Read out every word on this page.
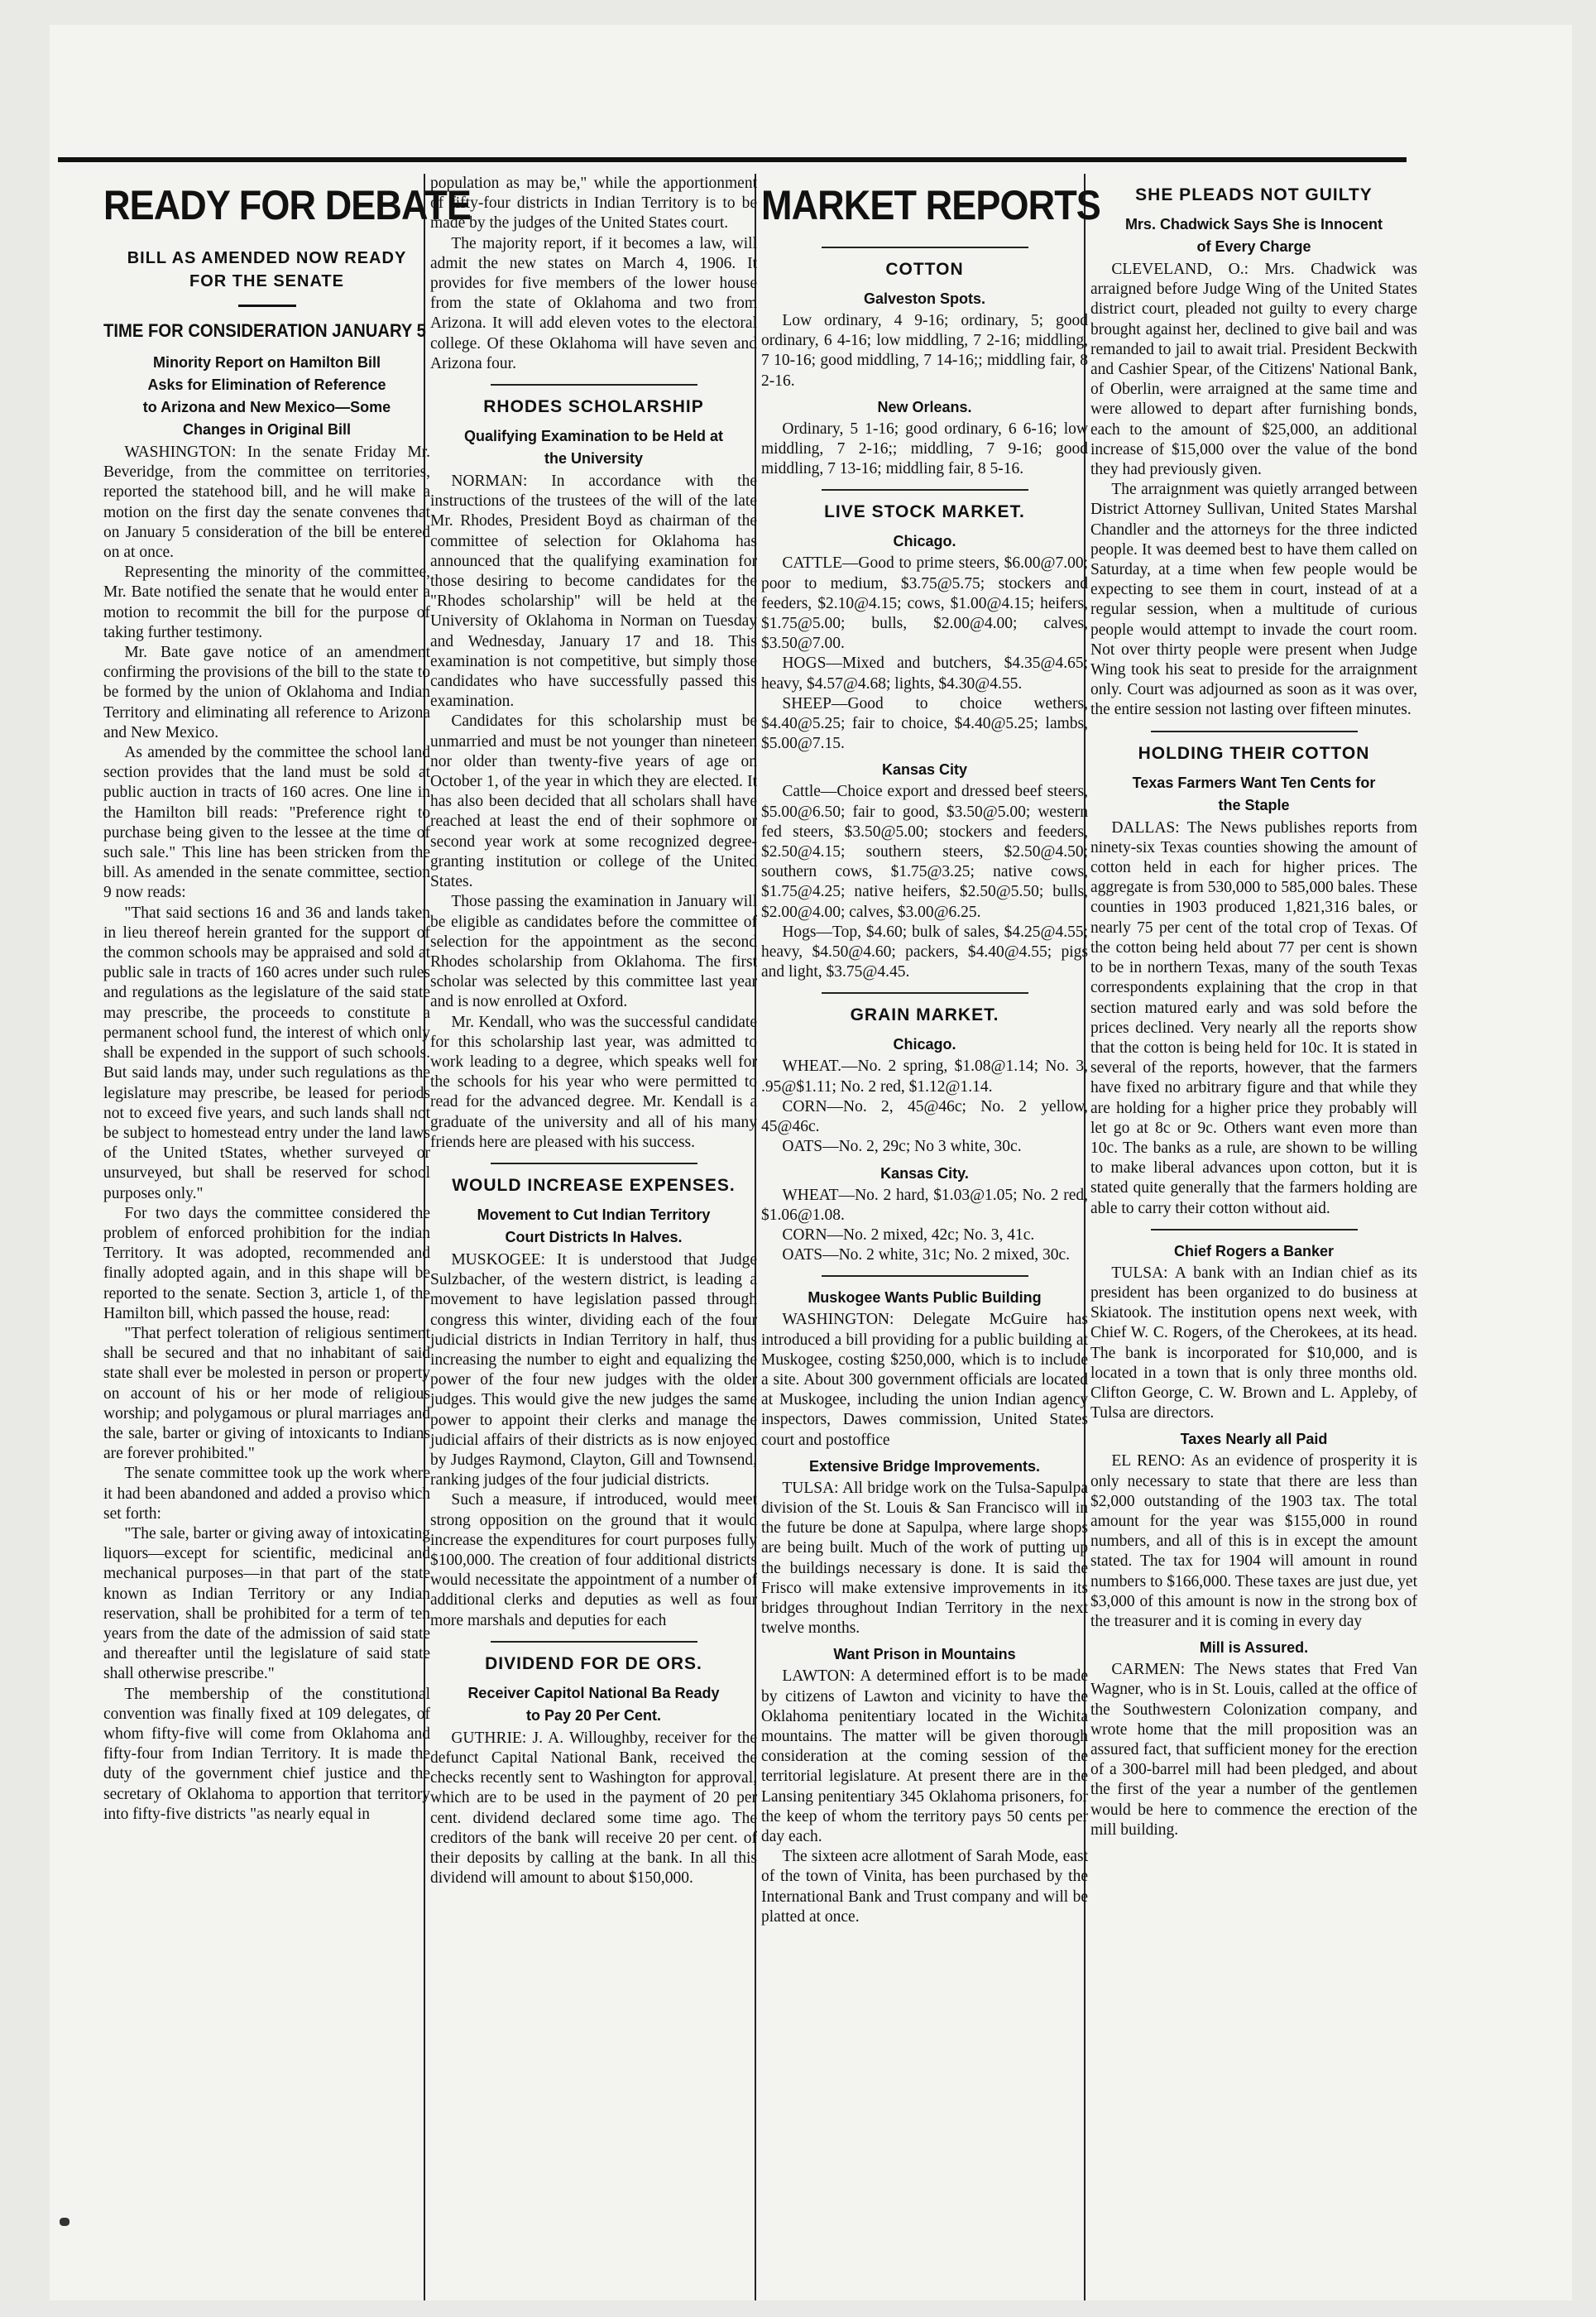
READY FOR DEBATE
BILL AS AMENDED NOW READY
FOR THE SENATE
TIME FOR CONSIDERATION JANUARY 5
Minority Report on Hamilton Bill
Asks for Elimination of Reference
to Arizona and New Mexico—Some
Changes in Original Bill

WASHINGTON: In the senate Friday Mr. Beveridge, from the committee on territories, reported the statehood bill, and he will make a motion on the first day the senate convenes that on January 5 consideration of the bill be entered on at once.

Representing the minority of the committee, Mr. Bate notified the senate that he would enter a motion to recommit the bill for the purpose of taking further testimony.

Mr. Bate gave notice of an amendment confirming the provisions of the bill to the state to be formed by the union of Oklahoma and Indian Territory and eliminating all reference to Arizona and New Mexico.

As amended by the committee the school land section provides that the land must be sold at public auction in tracts of 160 acres. One line in the Hamilton bill reads: "Preference right to purchase being given to the lessee at the time of such sale." This line has been stricken from the bill. As amended in the senate committee, section 9 now reads:

"That said sections 16 and 36 and lands taken in lieu thereof herein granted for the support of the common schools may be appraised and sold at public sale in tracts of 160 acres under such rules and regulations as the legislature of the said state may prescribe, the proceeds to constitute a permanent school fund, the interest of which only shall be expended in the support of such schools. But said lands may, under such regulations as the legislature may prescribe, be leased for periods not to exceed five years, and such lands shall not be subject to homestead entry under the land laws of the United tStates, whether surveyed or unsurveyed, but shall be reserved for school purposes only."

For two days the committee considered the problem of enforced prohibition for the indian Territory. It was adopted, recommended and finally adopted again, and in this shape will be reported to the senate. Section 3, article 1, of the Hamilton bill, which passed the house, read:

"That perfect toleration of religious sentiment shall be secured and that no inhabitant of said state shall ever be molested in person or property on account of his or her mode of religious worship; and polygamous or plural marriages and the sale, barter or giving of intoxicants to Indians are forever prohibited."

The senate committee took up the work where it had been abandoned and added a proviso which set forth:

"The sale, barter or giving away of intoxicating liquors—except for scientific, medicinal and mechanical purposes—in that part of the state known as Indian Territory or any Indian reservation, shall be prohibited for a term of ten years from the date of the admission of said state and thereafter until the legislature of said state shall otherwise prescribe."

The membership of the constitutional convention was finally fixed at 109 delegates, of whom fifty-five will come from Oklahoma and fifty-four from Indian Territory. It is made the duty of the government chief justice and the secretary of Oklahoma to apportion that territory into fifty-five districts "as nearly equal in

population as may be," while the apportionment of fifty-four districts in Indian Territory is to be made by the judges of the United States court.

The majority report, if it becomes a law, will admit the new states on March 4, 1906. It provides for five members of the lower house from the state of Oklahoma and two from Arizona. It will add eleven votes to the electoral college. Of these Oklahoma will have seven and Arizona four.

RHODES SCHOLARSHIP
Qualifying Examination to be Held at
the University

NORMAN: In accordance with the instructions of the trustees of the will of the late Mr. Rhodes, President Boyd as chairman of the committee of selection for Oklahoma has announced that the qualifying examination for those desiring to become candidates for the "Rhodes scholarship" will be held at the University of Oklahoma in Norman on Tuesday and Wednesday, January 17 and 18. This examination is not competitive, but simply those candidates who have successfully passed this examination.

Candidates for this scholarship must be unmarried and must be not younger than nineteen nor older than twenty-five years of age on October 1, of the year in which they are elected. It has also been decided that all scholars shall have reached at least the end of their sophmore or second year work at some recognized degree-granting institution or college of the United States.

Those passing the examination in January will be eligible as candidates before the committee of selection for the appointment as the second Rhodes scholarship from Oklahoma. The first scholar was selected by this committee last year and is now enrolled at Oxford.

Mr. Kendall, who was the successful candidate for this scholarship last year, was admitted to work leading to a degree, which speaks well for the schools for his year who were permitted to read for the advanced degree. Mr. Kendall is a graduate of the university and all of his many friends here are pleased with his success.

WOULD INCREASE EXPENSES.
Movement to Cut Indian Territory
Court Districts In Halves.

MUSKOGEE: It is understood that Judge Sulzbacher, of the western district, is leading a movement to have legislation passed through congress this winter, dividing each of the four judicial districts in Indian Territory in half, thus increasing the number to eight and equalizing the power of the four new judges with the older judges. This would give the new judges the same power to appoint their clerks and manage the judicial affairs of their districts as is now enjoyed by Judges Raymond, Clayton, Gill and Townsend, ranking judges of the four judicial districts.

Such a measure, if introduced, would meet strong opposition on the ground that it would increase the expenditures for court purposes fully $100,000. The creation of four additional districts would necessitate the appointment of a number of additional clerks and deputies as well as four more marshals and deputies for each

DIVIDEND FOR DE ORS.
Receiver Capitol National Ba Ready
to Pay 20 Per Cent.

GUTHRIE: J. A. Willoughby, receiver for the defunct Capital National Bank, received the checks recently sent to Washington for approval, which are to be used in the payment of 20 per cent. dividend declared some time ago. The creditors of the bank will receive 20 per cent. of their deposits by calling at the bank. In all this dividend will amount to about $150,000.

MARKET REPORTS
COTTON
Galveston Spots.

Low ordinary, 4 9-16; ordinary, 5; good ordinary, 6 4-16; low middling, 7 2-16; middling, 7 10-16; good middling, 7 14-16;; middling fair, 8 2-16.

New Orleans.

Ordinary, 5 1-16; good ordinary, 6 6-16; low middling, 7 2-16;; middling, 7 9-16; good middling, 7 13-16; middling fair, 8 5-16.

LIVE STOCK MARKET.
Chicago.

CATTLE—Good to prime steers, $6.00@7.00; poor to medium, $3.75@5.75; stockers and feeders, $2.10@4.15; cows, $1.00@4.15; heifers, $1.75@5.00; bulls, $2.00@4.00; calves, $3.50@7.00.

HOGS—Mixed and butchers, $4.35@4.65; heavy, $4.57@4.68; lights, $4.30@4.55.

SHEEP—Good to choice wethers, $4.40@5.25; fair to choice, $4.40@5.25; lambs, $5.00@7.15.

Kansas City

Cattle—Choice export and dressed beef steers, $5.00@6.50; fair to good, $3.50@5.00; western fed steers, $3.50@5.00; stockers and feeders, $2.50@4.15; southern steers, $2.50@4.50; southern cows, $1.75@3.25; native cows, $1.75@4.25; native heifers, $2.50@5.50; bulls, $2.00@4.00; calves, $3.00@6.25.

Hogs—Top, $4.60; bulk of sales, $4.25@4.55; heavy, $4.50@4.60; packers, $4.40@4.55; pigs and light, $3.75@4.45.

GRAIN MARKET.
Chicago.

WHEAT.—No. 2 spring, $1.08@1.14; No. 3, .95@$1.11; No. 2 red, $1.12@1.14.

CORN—No. 2, 45@46c; No. 2 yellow, 45@46c.

OATS—No. 2, 29c; No 3 white, 30c.

Kansas City.

WHEAT—No. 2 hard, $1.03@1.05; No. 2 red, $1.06@1.08.

CORN—No. 2 mixed, 42c; No. 3, 41c.

OATS—No. 2 white, 31c; No. 2 mixed, 30c.

Muskogee Wants Public Building

WASHINGTON: Delegate McGuire has introduced a bill providing for a public building at Muskogee, costing $250,000, which is to include a site. About 300 government officials are located at Muskogee, including the union Indian agency inspectors, Dawes commission, United States court and postoffice

Extensive Bridge Improvements.

TULSA: All bridge work on the Tulsa-Sapulpa division of the St. Louis & San Francisco will in the future be done at Sapulpa, where large shops are being built. Much of the work of putting up the buildings necessary is done. It is said the Frisco will make extensive improvements in its bridges throughout Indian Territory in the next twelve months.

Want Prison in Mountains

LAWTON: A determined effort is to be made by citizens of Lawton and vicinity to have the Oklahoma penitentiary located in the Wichita mountains. The matter will be given thorough consideration at the coming session of the territorial legislature. At present there are in the Lansing penitentiary 345 Oklahoma prisoners, for the keep of whom the territory pays 50 cents per day each.

The sixteen acre allotment of Sarah Mode, east of the town of Vinita, has been purchased by the International Bank and Trust company and will be platted at once.

SHE PLEADS NOT GUILTY
Mrs. Chadwick Says She is Innocent
of Every Charge

CLEVELAND, O.: Mrs. Chadwick was arraigned before Judge Wing of the United States district court, pleaded not guilty to every charge brought against her, declined to give bail and was remanded to jail to await trial. President Beckwith and Cashier Spear, of the Citizens' National Bank, of Oberlin, were arraigned at the same time and were allowed to depart after furnishing bonds, each to the amount of $25,000, an additional increase of $15,000 over the value of the bond they had previously given.

The arraignment was quietly arranged between District Attorney Sullivan, United States Marshal Chandler and the attorneys for the three indicted people. It was deemed best to have them called on Saturday, at a time when few people would be expecting to see them in court, instead of at a regular session, when a multitude of curious people would attempt to invade the court room. Not over thirty people were present when Judge Wing took his seat to preside for the arraignment only. Court was adjourned as soon as it was over, the entire session not lasting over fifteen minutes.

HOLDING THEIR COTTON
Texas Farmers Want Ten Cents for
the Staple

DALLAS: The News publishes reports from ninety-six Texas counties showing the amount of cotton held in each for higher prices. The aggregate is from 530,000 to 585,000 bales. These counties in 1903 produced 1,821,316 bales, or nearly 75 per cent of the total crop of Texas. Of the cotton being held about 77 per cent is shown to be in northern Texas, many of the south Texas correspondents explaining that the crop in that section matured early and was sold before the prices declined. Very nearly all the reports show that the cotton is being held for 10c. It is stated in several of the reports, however, that the farmers have fixed no arbitrary figure and that while they are holding for a higher price they probably will let go at 8c or 9c. Others want even more than 10c. The banks as a rule, are shown to be willing to make liberal advances upon cotton, but it is stated quite generally that the farmers holding are able to carry their cotton without aid.

Chief Rogers a Banker

TULSA: A bank with an Indian chief as its president has been organized to do business at Skiatook. The institution opens next week, with Chief W. C. Rogers, of the Cherokees, at its head. The bank is incorporated for $10,000, and is located in a town that is only three months old. Clifton George, C. W. Brown and L. Appleby, of Tulsa are directors.

Taxes Nearly all Paid

EL RENO: As an evidence of prosperity it is only necessary to state that there are less than $2,000 outstanding of the 1903 tax. The total amount for the year was $155,000 in round numbers, and all of this is in except the amount stated. The tax for 1904 will amount in round numbers to $166,000. These taxes are just due, yet $3,000 of this amount is now in the strong box of the treasurer and it is coming in every day

Mill is Assured.

CARMEN: The News states that Fred Van Wagner, who is in St. Louis, called at the office of the Southwestern Colonization company, and wrote home that the mill proposition was an assured fact, that sufficient money for the erection of a 300-barrel mill had been pledged, and about the first of the year a number of the gentlemen would be here to commence the erection of the mill building.
